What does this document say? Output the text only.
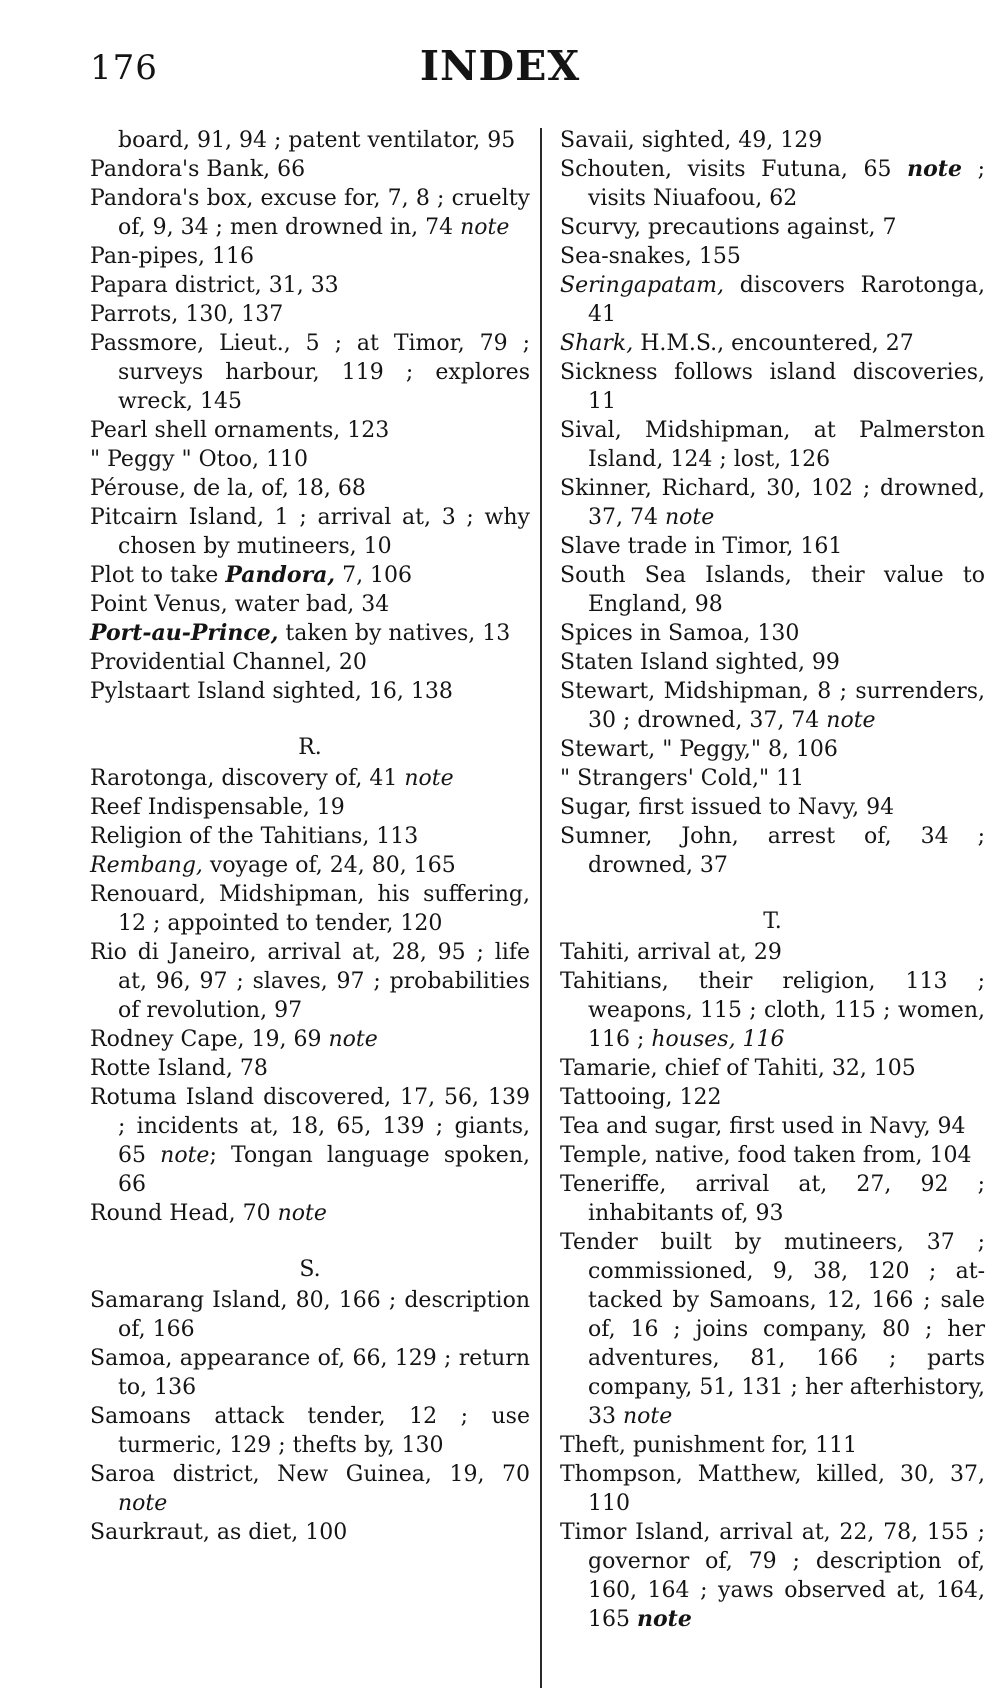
176	INDEX
board, 91, 94 ; patent ventilator, 95
Pandora's Bank, 66
Pandora's box, excuse for, 7, 8 ; cruelty of, 9, 34 ; men drowned in, 74 note
Pan-pipes, 116
Papara district, 31, 33
Parrots, 130, 137
Passmore, Lieut., 5 ; at Timor, 79 ; surveys harbour, 119 ; explores wreck, 145
Pearl shell ornaments, 123
" Peggy " Otoo, 110
Pérouse, de la, of, 18, 68
Pitcairn Island, 1 ; arrival at, 3 ; why chosen by mutineers, 10
Plot to take Pandora, 7, 106
Point Venus, water bad, 34
Port-au-Prince, taken by natives, 13
Providential Channel, 20
Pylstaart Island sighted, 16, 138
R.
Rarotonga, discovery of, 41 note
Reef Indispensable, 19
Religion of the Tahitians, 113
Rembang, voyage of, 24, 80, 165
Renouard, Midshipman, his suffering, 12 ; appointed to tender, 120
Rio di Janeiro, arrival at, 28, 95 ; life at, 96, 97 ; slaves, 97 ; probabilities of revolution, 97
Rodney Cape, 19, 69 note
Rotte Island, 78
Rotuma Island discovered, 17, 56, 139 ; incidents at, 18, 65, 139 ; giants, 65 note; Tongan language spoken, 66
Round Head, 70 note
S.
Samarang Island, 80, 166 ; description of, 166
Samoa, appearance of, 66, 129 ; return to, 136
Samoans attack tender, 12 ; use turmeric, 129 ; thefts by, 130
Saroa district, New Guinea, 19, 70 note
Saurkraut, as diet, 100
Savaii, sighted, 49, 129
Schouten, visits Futuna, 65 note ; visits Niuafoou, 62
Scurvy, precautions against, 7
Sea-snakes, 155
Seringapatam, discovers Rarotonga, 41
Shark, H.M.S., encountered, 27
Sickness follows island discoveries, 11
Sival, Midshipman, at Palmerston Island, 124 ; lost, 126
Skinner, Richard, 30, 102 ; drowned, 37, 74 note
Slave trade in Timor, 161
South Sea Islands, their value to England, 98
Spices in Samoa, 130
Staten Island sighted, 99
Stewart, Midshipman, 8 ; surrenders, 30 ; drowned, 37, 74 note
Stewart, " Peggy," 8, 106
" Strangers' Cold," 11
Sugar, first issued to Navy, 94
Sumner, John, arrest of, 34 ; drowned, 37
T.
Tahiti, arrival at, 29
Tahitians, their religion, 113 ; weapons, 115 ; cloth, 115 ; women, 116 ; houses, 116
Tamarie, chief of Tahiti, 32, 105
Tattooing, 122
Tea and sugar, first used in Navy, 94
Temple, native, food taken from, 104
Teneriffe, arrival at, 27, 92 ; inhabitants of, 93
Tender built by mutineers, 37 ; commissioned, 9, 38, 120 ; attacked by Samoans, 12, 166 ; sale of, 16 ; joins company, 80 ; her adventures, 81, 166 ; parts company, 51, 131 ; her afterhistory, 33 note
Theft, punishment for, 111
Thompson, Matthew, killed, 30, 37, 110
Timor Island, arrival at, 22, 78, 155 ; governor of, 79 ; description of, 160, 164 ; yaws observed at, 164, 165 note
